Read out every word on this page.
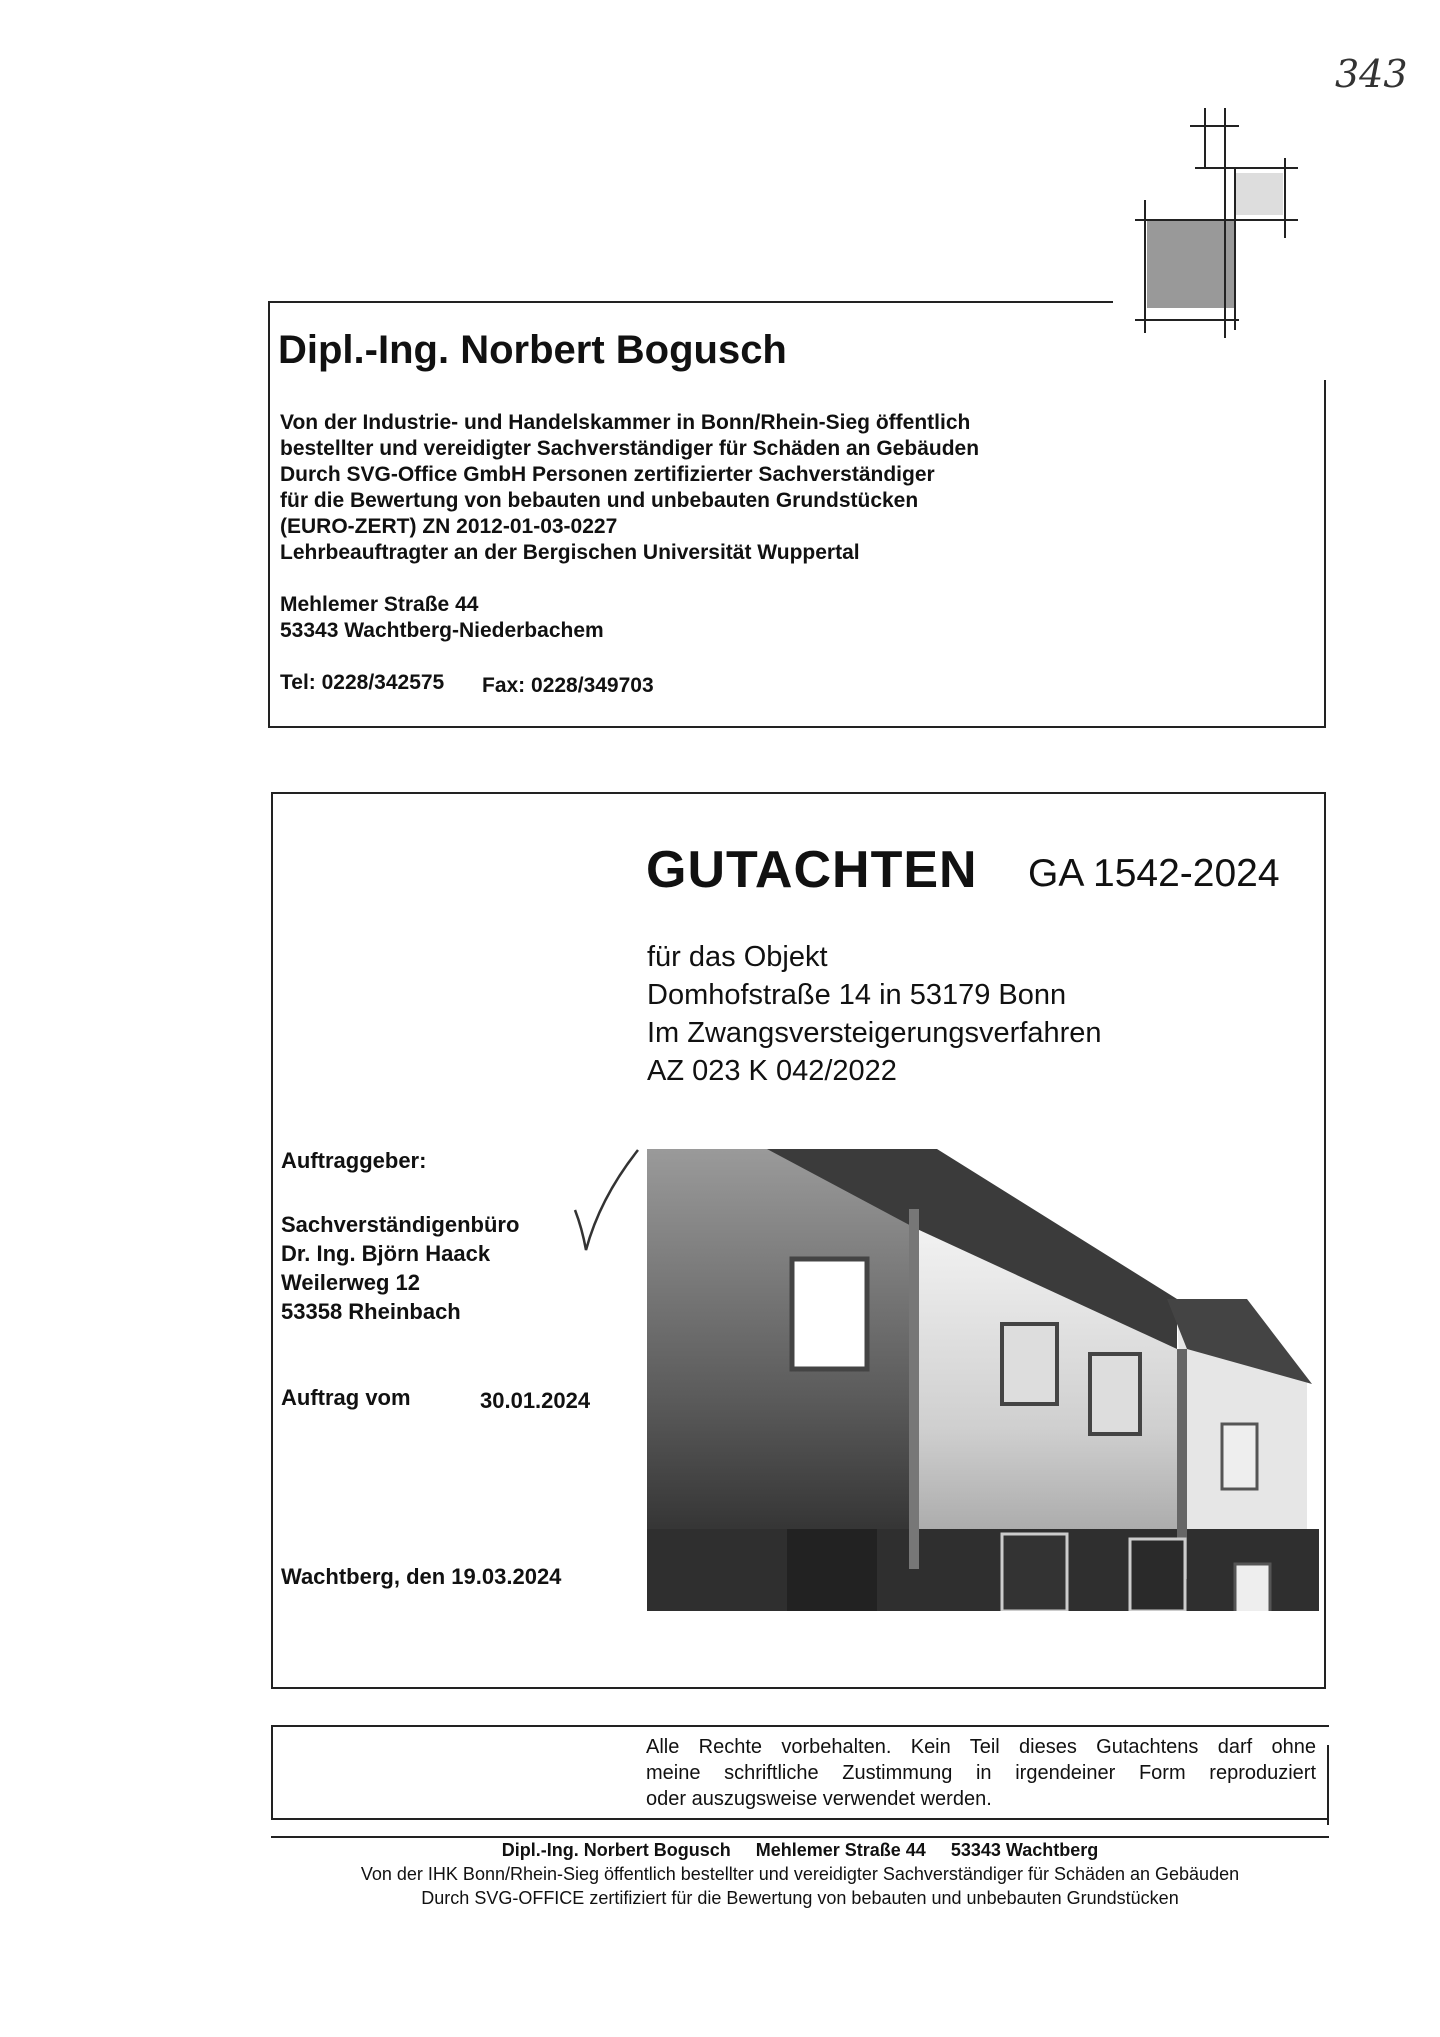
343
Dipl.-Ing. Norbert Bogusch
Von der Industrie- und Handelskammer in Bonn/Rhein-Sieg öffentlich
bestellter und vereidigter Sachverständiger für Schäden an Gebäuden
Durch SVG-Office GmbH Personen zertifizierter Sachverständiger
für die Bewertung von bebauten und unbebauten Grundstücken
(EURO-ZERT) ZN 2012-01-03-0227
Lehrbeauftragter an der Bergischen Universität Wuppertal
Mehlemer Straße 44
53343 Wachtberg-Niederbachem
Tel: 0228/342575 Fax: 0228/349703
GUTACHTEN GA 1542-2024
für das Objekt
Domhofstraße 14 in 53179 Bonn
Im Zwangsversteigerungsverfahren
AZ 023 K 042/2022
Auftraggeber:
Sachverständigenbüro
Dr. Ing. Björn Haack
Weilerweg 12
53358 Rheinbach
Auftrag vom	30.01.2024
Wachtberg, den 19.03.2024
Alle Rechte vorbehalten. Kein Teil dieses Gutachtens darf ohne
meine schriftliche Zustimmung in irgendeiner Form reproduziert
oder auszugsweise verwendet werden.
Dipl.-Ing. Norbert Bogusch     Mehlemer Straße 44     53343 Wachtberg
Von der IHK Bonn/Rhein-Sieg öffentlich bestellter und vereidigter Sachverständiger für Schäden an Gebäuden
Durch SVG-OFFICE zertifiziert für die Bewertung von bebauten und unbebauten Grundstücken
